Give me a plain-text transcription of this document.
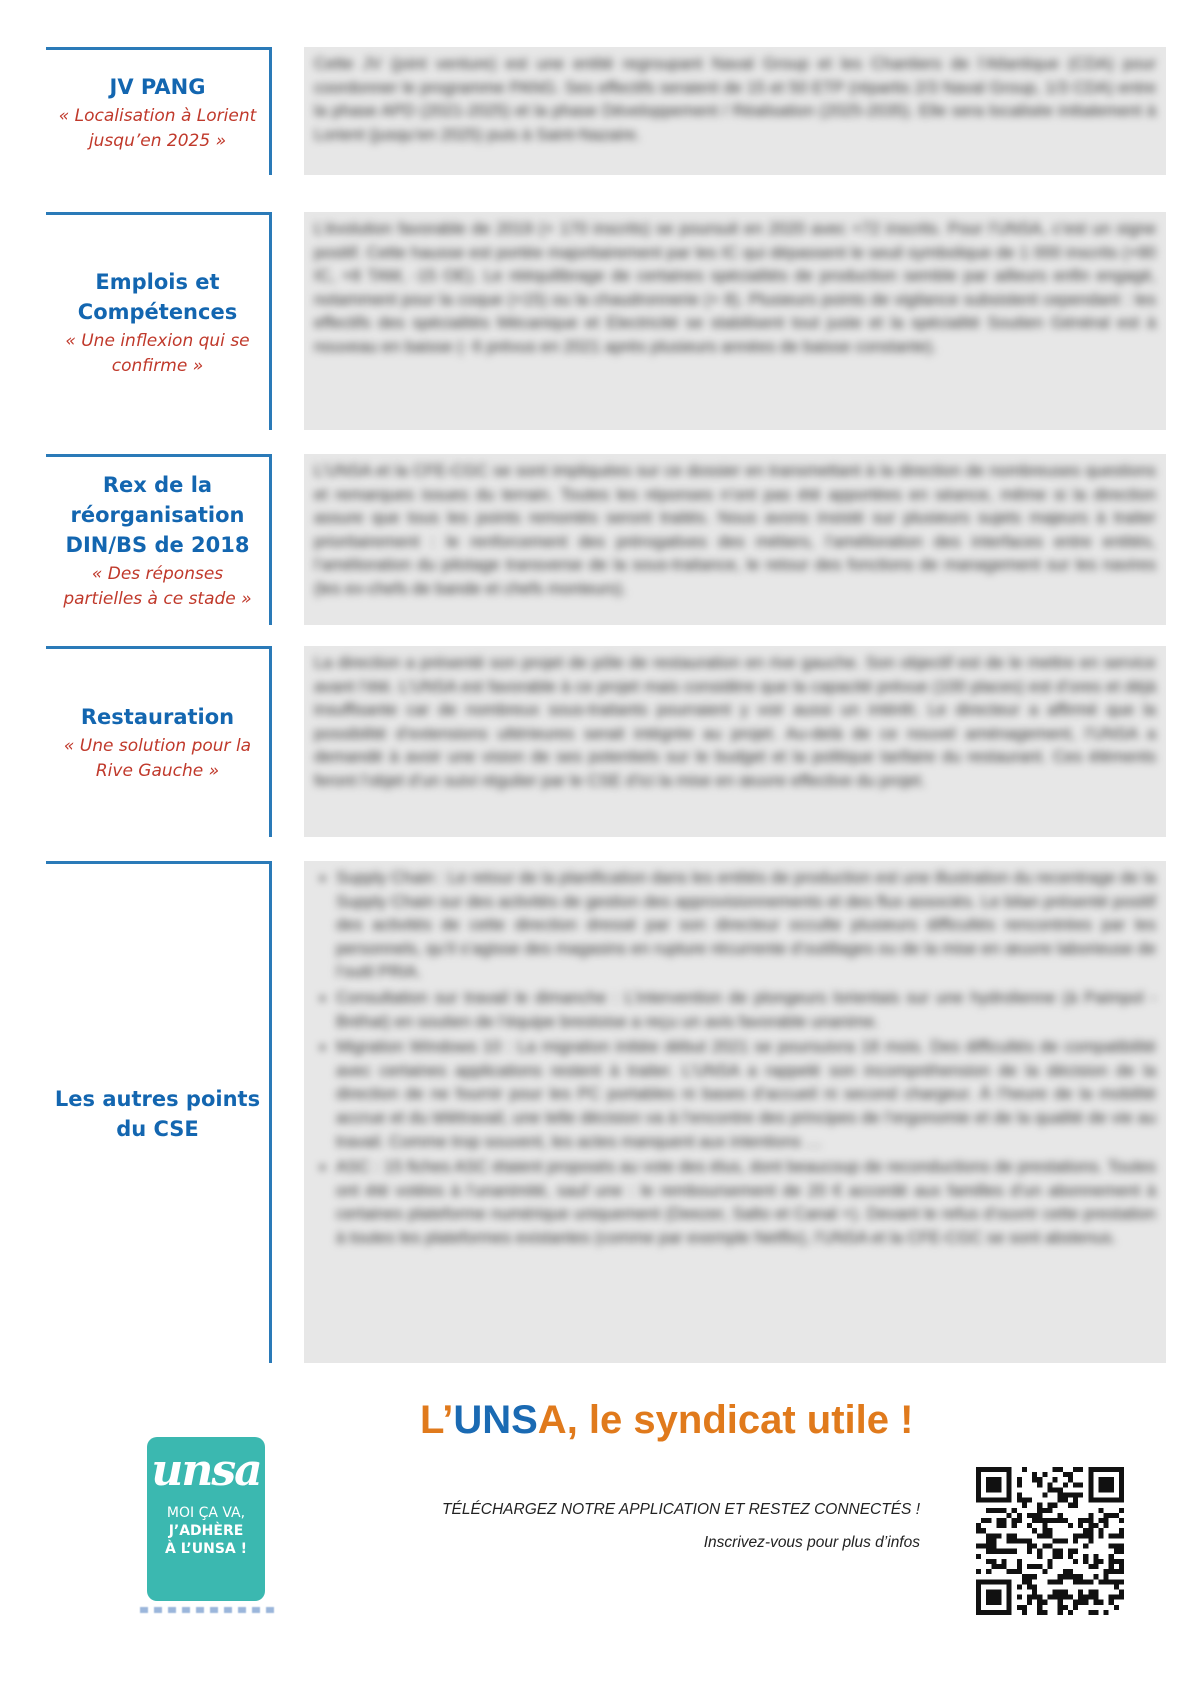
JV PANG
« Localisation à Lorient jusqu’en 2025 »
Cette JV (joint venture) est une entité regroupant Naval Group et les Chantiers de l’Atlantique (CDA) pour coordonner le programme PANG. Ses effectifs seraient de 15 et 50 ETP (répartis 2/3 Naval Group, 1/3 CDA) entre la phase APD (2021-2025) et la phase Développement / Réalisation (2025-2035). Elle sera localisée initialement à Lorient (jusqu’en 2025) puis à Saint-Nazaire.
Emplois et Compétences
« Une inflexion qui se confirme »
L’évolution favorable de 2019 (+ 170 inscrits) se poursuit en 2020 avec +72 inscrits. Pour l’UNSA, c’est un signe positif. Cette hausse est portée majoritairement par les IC qui dépassent le seuil symbolique de 1 000 inscrits (+90 IC, +8 TAM, -15 OE). Le rééquilibrage de certaines spécialités de production semble par ailleurs enfin engagé, notamment pour la coque (+15) ou la chaudronnerie (+ 8). Plusieurs points de vigilance subsistent cependant : les effectifs des spécialités Mécanique et Electricité se stabilisent tout juste et la spécialité Soutien Général est à nouveau en baisse (- 6 prévus en 2021 après plusieurs années de baisse constante).
Rex de la réorganisation DIN/BS de 2018
« Des réponses partielles à ce stade »
L’UNSA et la CFE-CGC se sont impliquées sur ce dossier en transmettant à la direction de nombreuses questions et remarques issues du terrain. Toutes les réponses n’ont pas été apportées en séance, même si la direction assure que tous les points remontés seront traités. Nous avons insisté sur plusieurs sujets majeurs à traiter prioritairement : le renforcement des prérogatives des métiers, l’amélioration des interfaces entre entités, l’amélioration du pilotage transverse de la sous-traitance, le retour des fonctions de management sur les navires (les ex-chefs de bande et chefs monteurs).
Restauration
« Une solution pour la Rive Gauche »
La direction a présenté son projet de pôle de restauration en rive gauche. Son objectif est de le mettre en service avant l’été. L’UNSA est favorable à ce projet mais considère que la capacité prévue (100 places) est d’ores et déjà insuffisante car de nombreux sous-traitants pourraient y voir aussi un intérêt. Le directeur a affirmé que la possibilité d’extensions ultérieures serait intégrée au projet. Au-delà de ce nouvel aménagement, l’UNSA a demandé à avoir une vision de ses potentiels sur le budget et la politique tarifaire du restaurant. Ces éléments feront l’objet d’un suivi régulier par le CSE d’ici la mise en œuvre effective du projet.
Les autres points du CSE
• Supply Chain : Le retour de la planification dans les entités de production est une illustration du recentrage de la Supply Chain sur des activités de gestion des approvisionnements et des flux associés. Le bilan présenté positif des activités de cette direction dressé par son directeur occulte plusieurs difficultés rencontrées par les personnels, qu’il s’agisse des magasins en rupture récurrente d’outillages ou de la mise en œuvre laborieuse de l’outil PRIA.
• Consultation sur travail le dimanche : L’intervention de plongeurs lorientais sur une hydrolienne (à Paimpol - Bréhat) en soutien de l’équipe brestoise a reçu un avis favorable unanime.
• Migration Windows 10 : La migration initiée début 2021 se poursuivra 18 mois. Des difficultés de compatibilité avec certaines applications restent à traiter. L’UNSA a rappelé son incompréhension de la décision de la direction de ne fournir pour les PC portables ni bases d’accueil ni second chargeur. À l’heure de la mobilité accrue et du télétravail, une telle décision va à l’encontre des principes de l’ergonomie et de la qualité de vie au travail. Comme trop souvent, les actes manquent aux intentions …
• ASC : 15 fiches ASC étaient proposés au vote des élus, dont beaucoup de reconductions de prestations. Toutes ont été votées à l’unanimité, sauf une : le remboursement de 20 € accordé aux familles d’un abonnement à certaines plateforme numérique uniquement (Deezer, Salto et Canal +). Devant le refus d’ouvrir cette prestation à toutes les plateformes existantes (comme par exemple Netflix), l’UNSA et la CFE-CGC se sont abstenus.
L’UNSA, le syndicat utile !
TÉLÉCHARGEZ NOTRE APPLICATION ET RESTEZ CONNECTÉS !
Inscrivez-vous pour plus d’infos
unsa
MOI ÇA VA,
J’ADHÈRE
À L’UNSA !
